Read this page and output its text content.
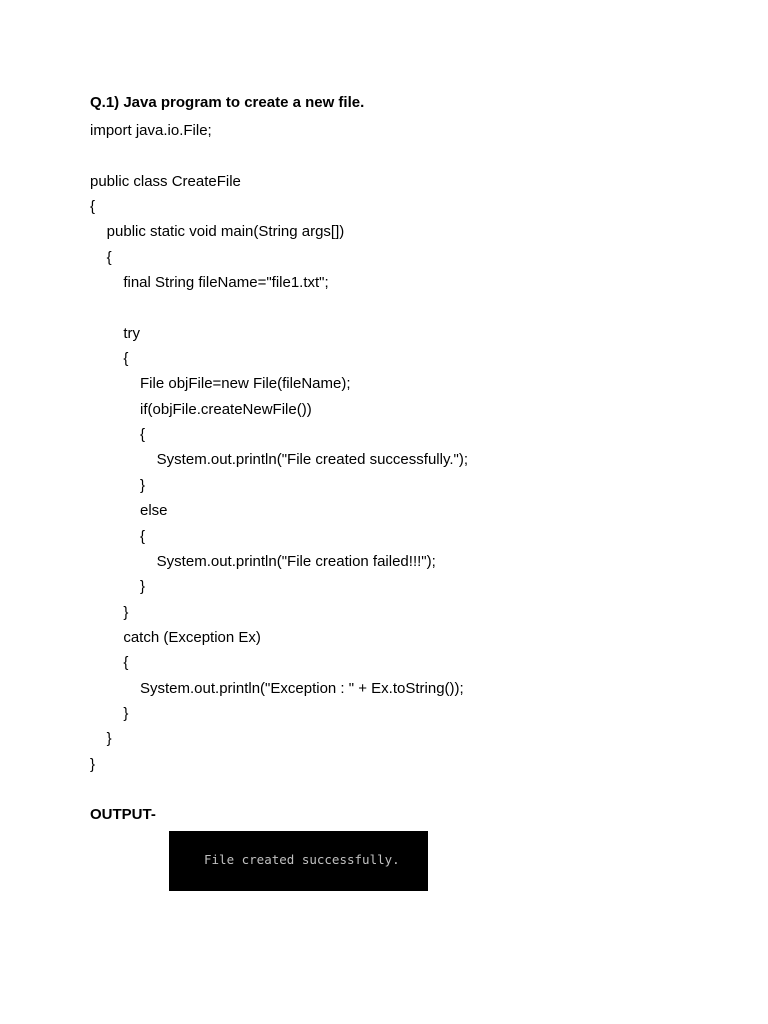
Q.1) Java program to create a new file.
import java.io.File;
public class CreateFile
{
public static void main(String args[])
{
final String fileName="file1.txt";
try
{
File objFile=new File(fileName);
if(objFile.createNewFile())
{
System.out.println("File created successfully.");
}
else
{
System.out.println("File creation failed!!!");
}
}
catch (Exception Ex)
{
System.out.println("Exception : " + Ex.toString());
}
}
}
OUTPUT-
File created successfully.
